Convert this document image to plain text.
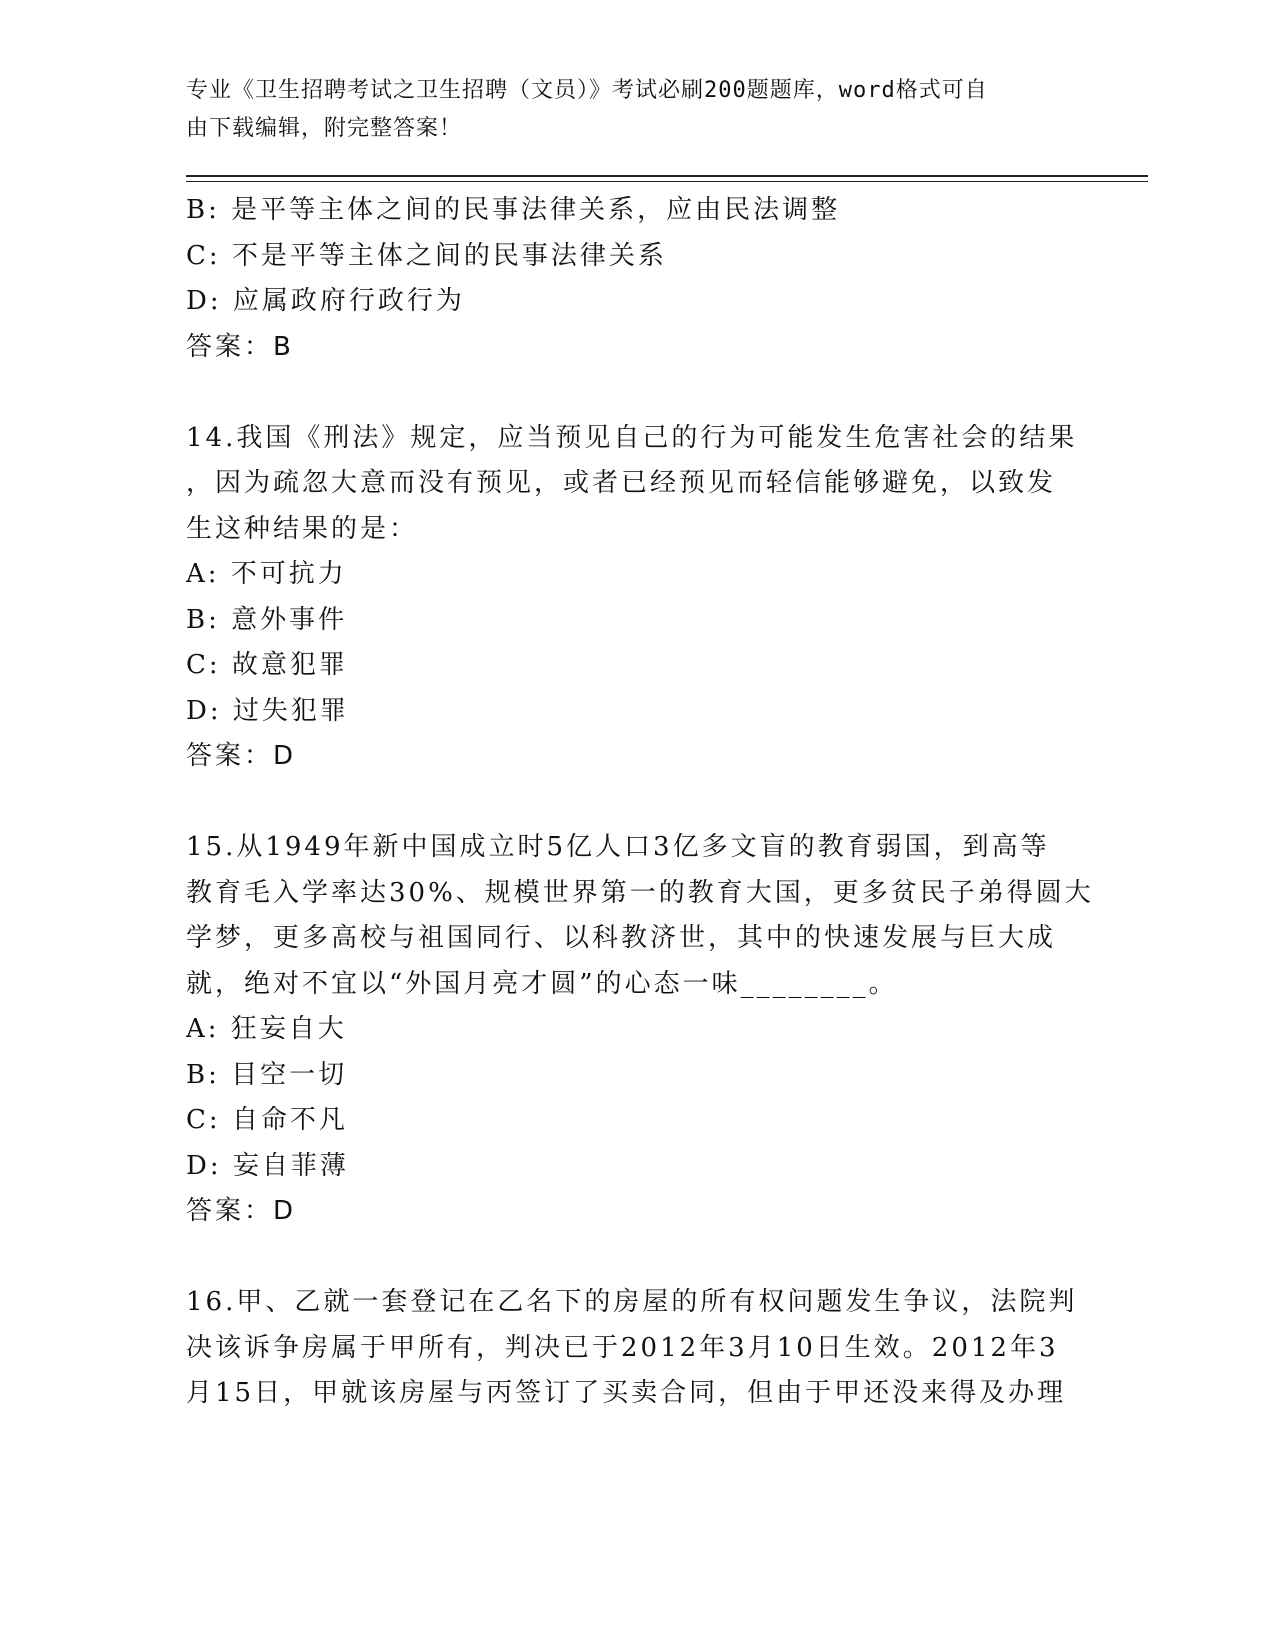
专业《卫生招聘考试之卫生招聘（文员）》考试必刷200题题库，word格式可自
由下载编辑，附完整答案！
B: 是平等主体之间的民事法律关系，应由民法调整
C: 不是平等主体之间的民事法律关系
D: 应属政府行政行为
答案：B
14.我国《刑法》规定，应当预见自己的行为可能发生危害社会的结果
，因为疏忽大意而没有预见，或者已经预见而轻信能够避免，以致发
生这种结果的是：
A: 不可抗力
B: 意外事件
C: 故意犯罪
D: 过失犯罪
答案：D
15.从1949年新中国成立时5亿人口3亿多文盲的教育弱国，到高等
教育毛入学率达30%、规模世界第一的教育大国，更多贫民子弟得圆大
学梦，更多高校与祖国同行、以科教济世，其中的快速发展与巨大成
就，绝对不宜以“外国月亮才圆”的心态一味________。
A: 狂妄自大
B: 目空一切
C: 自命不凡
D: 妄自菲薄
答案：D
16.甲、乙就一套登记在乙名下的房屋的所有权问题发生争议，法院判
决该诉争房属于甲所有，判决已于2012年3月10日生效。2012年3
月15日，甲就该房屋与丙签订了买卖合同，但由于甲还没来得及办理
